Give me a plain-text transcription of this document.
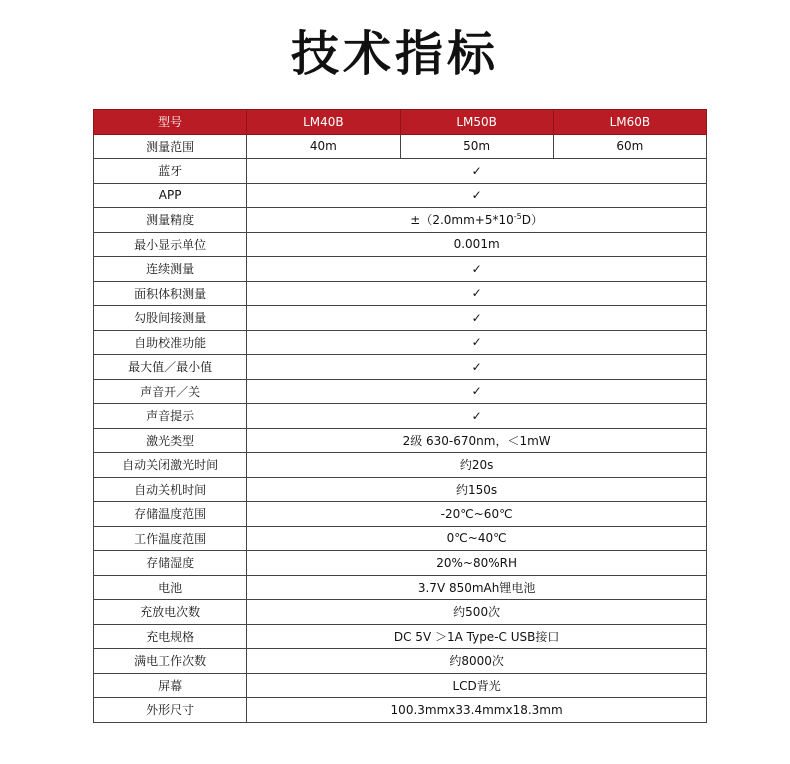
技术指标
型号	LM40B	LM50B	LM60B
测量范围	40m	50m	60m
蓝牙	✓		
APP	✓		
测量精度	$\pm(2.0mm+5*10^{-5}D)$		
最小显示单位	0.001m		
连续测量	✓		
面积体积测量	✓		
勾股间接测量	✓		
自助校准功能	✓		
最大值／最小值	✓		
声音开／关	✓		
声音提示	✓		
激光类型	2级 630-670nm，＜1mW		
自动关闭激光时间	约20s		
自动关机时间	约150s		
存储温度范围	-20℃~60℃		
工作温度范围	0℃~40℃		
存储湿度	20%~80%RH		
电池	3.7V 850mAh锂电池		
充放电次数	约500次		
充电规格	DC 5V ＞1A Type-C USB接口		
满电工作次数	约8000次		
屏幕	LCD背光		
外形尺寸	100.3mmx33.4mmx18.3mm		
